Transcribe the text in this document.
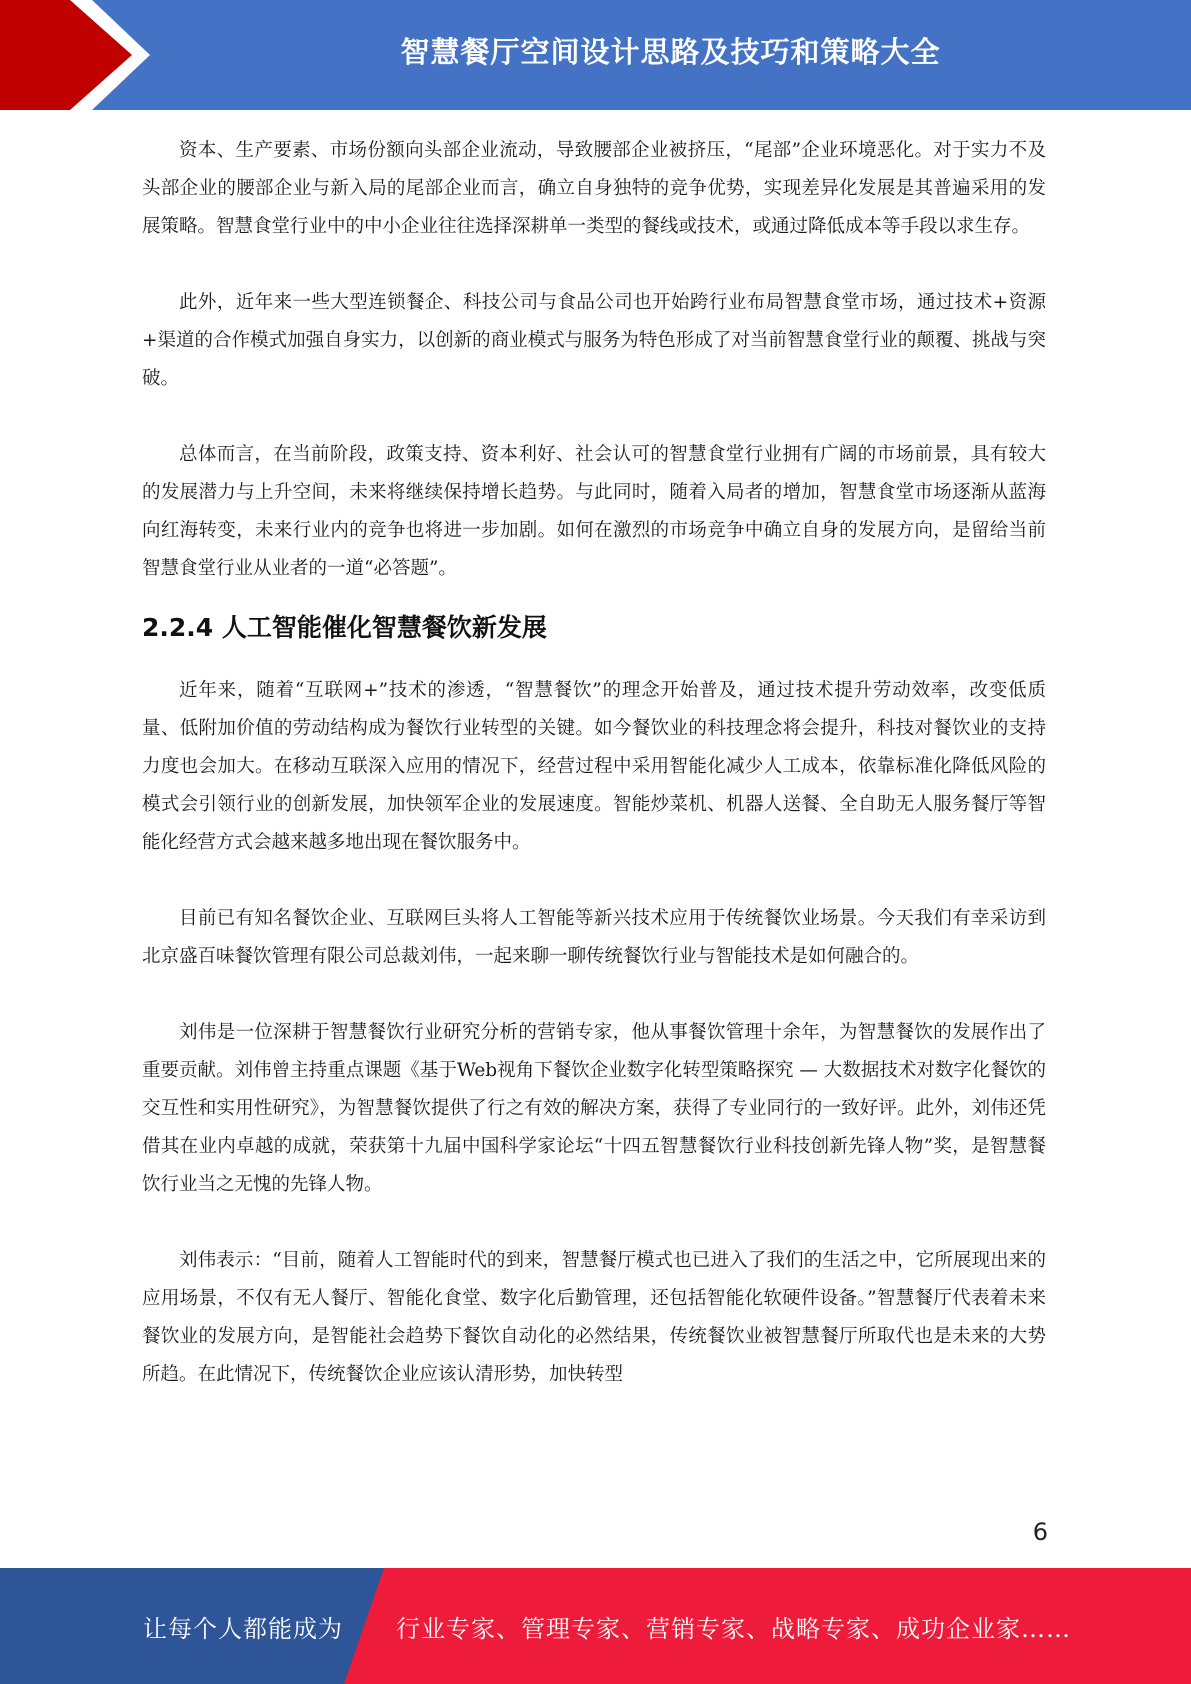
智慧餐厅空间设计思路及技巧和策略大全

资本、生产要素、市场份额向头部企业流动，导致腰部企业被挤压，“尾部”企业环境恶化。对于实力不及头部企业的腰部企业与新入局的尾部企业而言，确立自身独特的竞争优势，实现差异化发展是其普遍采用的发展策略。智慧食堂行业中的中小企业往往选择深耕单一类型的餐线或技术，或通过降低成本等手段以求生存。

此外，近年来一些大型连锁餐企、科技公司与食品公司也开始跨行业布局智慧食堂市场，通过技术+资源+渠道的合作模式加强自身实力，以创新的商业模式与服务为特色形成了对当前智慧食堂行业的颠覆、挑战与突破。

总体而言，在当前阶段，政策支持、资本利好、社会认可的智慧食堂行业拥有广阔的市场前景，具有较大的发展潜力与上升空间，未来将继续保持增长趋势。与此同时，随着入局者的增加，智慧食堂市场逐渐从蓝海向红海转变，未来行业内的竞争也将进一步加剧。如何在激烈的市场竞争中确立自身的发展方向，是留给当前智慧食堂行业从业者的一道“必答题”。

2.2.4 人工智能催化智慧餐饮新发展

近年来，随着“互联网+”技术的渗透，“智慧餐饮”的理念开始普及，通过技术提升劳动效率，改变低质量、低附加价值的劳动结构成为餐饮行业转型的关键。如今餐饮业的科技理念将会提升，科技对餐饮业的支持力度也会加大。在移动互联深入应用的情况下，经营过程中采用智能化减少人工成本，依靠标准化降低风险的模式会引领行业的创新发展，加快领军企业的发展速度。智能炒菜机、机器人送餐、全自助无人服务餐厅等智能化经营方式会越来越多地出现在餐饮服务中。

目前已有知名餐饮企业、互联网巨头将人工智能等新兴技术应用于传统餐饮业场景。今天我们有幸采访到北京盛百味餐饮管理有限公司总裁刘伟，一起来聊一聊传统餐饮行业与智能技术是如何融合的。

刘伟是一位深耕于智慧餐饮行业研究分析的营销专家，他从事餐饮管理十余年，为智慧餐饮的发展作出了重要贡献。刘伟曾主持重点课题《基于Web视角下餐饮企业数字化转型策略探究 — 大数据技术对数字化餐饮的交互性和实用性研究》，为智慧餐饮提供了行之有效的解决方案，获得了专业同行的一致好评。此外，刘伟还凭借其在业内卓越的成就，荣获第十九届中国科学家论坛“十四五智慧餐饮行业科技创新先锋人物”奖，是智慧餐饮行业当之无愧的先锋人物。

刘伟表示：“目前，随着人工智能时代的到来，智慧餐厅模式也已进入了我们的生活之中，它所展现出来的应用场景，不仅有无人餐厅、智能化食堂、数字化后勤管理，还包括智能化软硬件设备。”智慧餐厅代表着未来餐饮业的发展方向，是智能社会趋势下餐饮自动化的必然结果，传统餐饮业被智慧餐厅所取代也是未来的大势所趋。在此情况下，传统餐饮企业应该认清形势，加快转型

6
让每个人都能成为 行业专家、管理专家、营销专家、战略专家、成功企业家……
